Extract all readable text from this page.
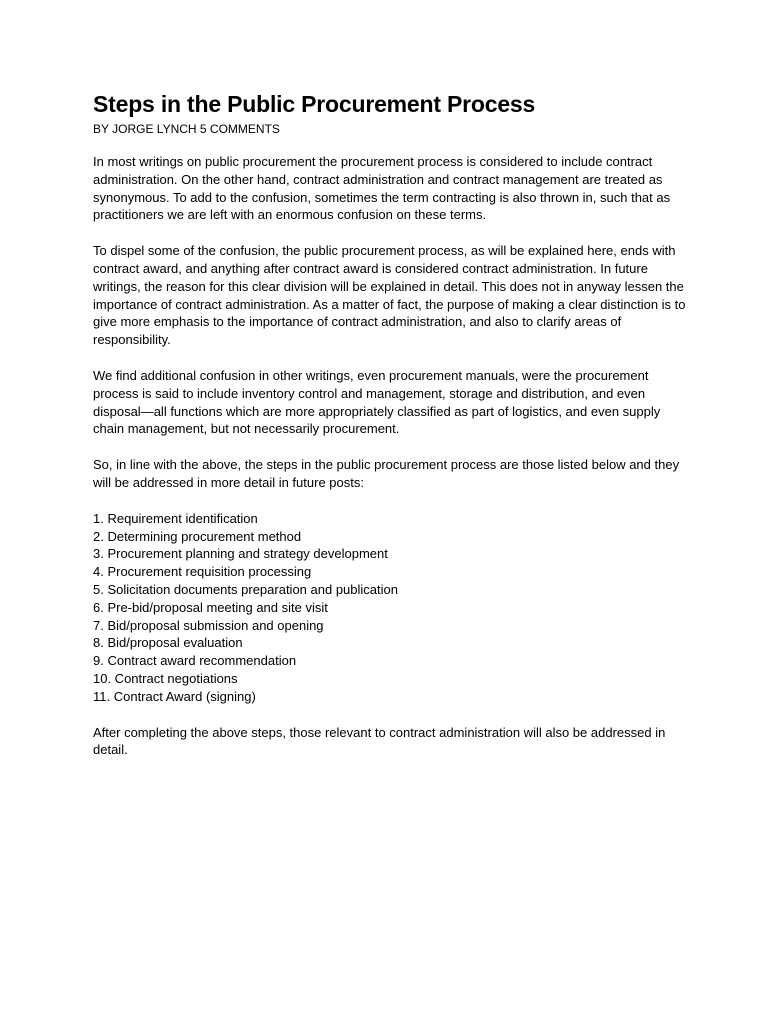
Steps in the Public Procurement Process

BY JORGE LYNCH 5 COMMENTS

In most writings on public procurement the procurement process is considered to include contract administration. On the other hand, contract administration and contract management are treated as synonymous. To add to the confusion, sometimes the term contracting is also thrown in, such that as practitioners we are left with an enormous confusion on these terms.

To dispel some of the confusion, the public procurement process, as will be explained here, ends with contract award, and anything after contract award is considered contract administration. In future writings, the reason for this clear division will be explained in detail. This does not in anyway lessen the importance of contract administration. As a matter of fact, the purpose of making a clear distinction is to give more emphasis to the importance of contract administration, and also to clarify areas of responsibility.

We find additional confusion in other writings, even procurement manuals, were the procurement process is said to include inventory control and management, storage and distribution, and even disposal—all functions which are more appropriately classified as part of logistics, and even supply chain management, but not necessarily procurement.

So, in line with the above, the steps in the public procurement process are those listed below and they will be addressed in more detail in future posts:

1. Requirement identification
2. Determining procurement method
3. Procurement planning and strategy development
4. Procurement requisition processing
5. Solicitation documents preparation and publication
6. Pre-bid/proposal meeting and site visit
7. Bid/proposal submission and opening
8. Bid/proposal evaluation
9. Contract award recommendation
10. Contract negotiations
11. Contract Award (signing)

After completing the above steps, those relevant to contract administration will also be addressed in detail.
